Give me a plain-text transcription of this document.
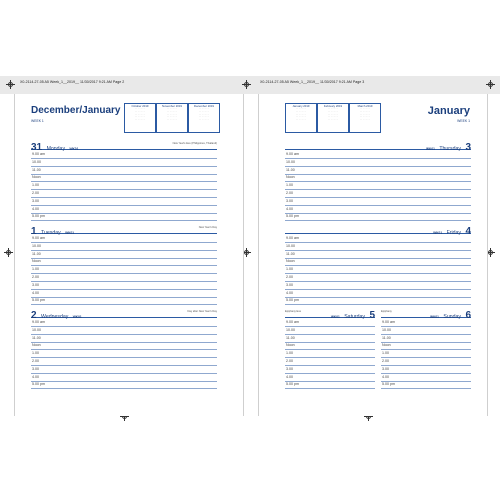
X0-2114-27-05 A5 Week_1__2019__ 11/30/2017 9:21 AM Page 2	X0-2114-27-05 A5 Week_1__2019__ 11/30/2017 9:21 AM Page 3
December/January
WEEK 1
October 2019
· · · · · · ·
· · · · · · ·
· · · · · · ·
· · · · · · ·
· · · · · · ·
November 2019
· · · · · · ·
· · · · · · ·
· · · · · · ·
· · · · · · ·
· · · · · · ·
December 2019
· · · · · · ·
· · · · · · ·
· · · · · · ·
· · · · · · ·
· · · · · · ·
31 Monday WK01
New Year's Eve (Philippines, Thailand)
9.00 am
10.00
11.00
Noon
1.00
2.00
3.00
4.00
5.00 pm
1 Tuesday WK01
New Year's Day
9.00 am
10.00
11.00
Noon
1.00
2.00
3.00
4.00
5.00 pm
2 Wednesday WK01
Day after New Year's Day
9.00 am
10.00
11.00
Noon
1.00
2.00
3.00
4.00
5.00 pm
January 2019
· · · · · · ·
· · · · · · ·
· · · · · · ·
· · · · · · ·
· · · · · · ·
February 2019
· · · · · · ·
· · · · · · ·
· · · · · · ·
· · · · · · ·
· · · · · · ·
March 2019
· · · · · · ·
· · · · · · ·
· · · · · · ·
· · · · · · ·
· · · · · · ·
January
WEEK 1
WK01 Thursday 3
9.00 am
10.00
11.00
Noon
1.00
2.00
3.00
4.00
5.00 pm
WK01 Friday 4
9.00 am
10.00
11.00
Noon
1.00
2.00
3.00
4.00
5.00 pm
WK01 Saturday 5
Epiphany Eve
9.00 am
10.00
11.00
Noon
1.00
2.00
3.00
4.00
5.00 pm
WK01 Sunday 6
Epiphany
9.00 am
10.00
11.00
Noon
1.00
2.00
3.00
4.00
5.00 pm
